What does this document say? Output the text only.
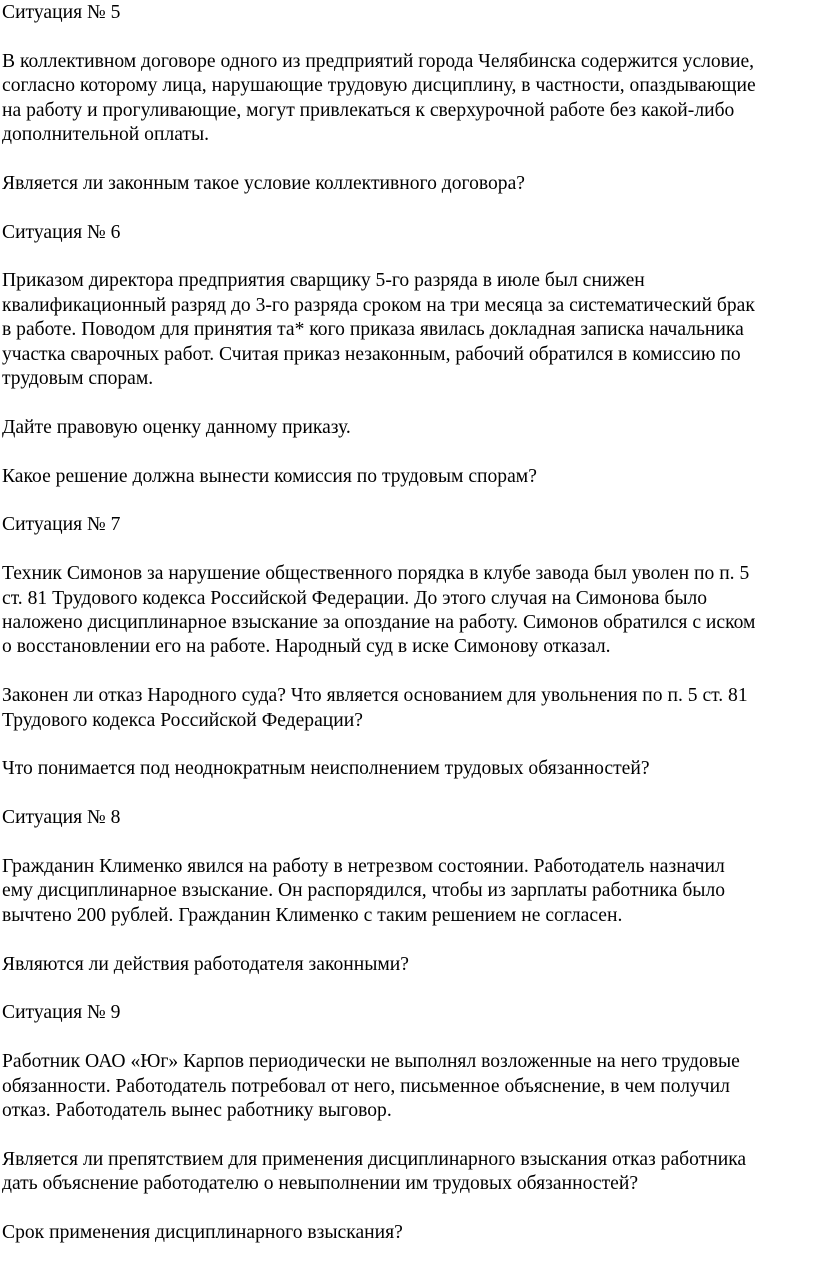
Ситуация № 5

В коллективном договоре одного из предприятий города Челябинска содержится условие,
согласно которому лица, нарушающие трудовую дисциплину, в частности, опаздывающие
на работу и прогуливающие, могут привлекаться к сверхурочной работе без какой-либо
дополнительной оплаты.

Является ли законным такое условие коллективного договора?

Ситуация № 6

Приказом директора предприятия сварщику 5-го разряда в июле был снижен
квалификационный разряд до 3-го разряда сроком на три месяца за систематический брак
в работе. Поводом для принятия та* кого приказа явилась докладная записка начальника
участка сварочных работ. Считая приказ незаконным, рабочий обратился в комиссию по
трудовым спорам.

Дайте правовую оценку данному приказу.

Какое решение должна вынести комиссия по трудовым спорам?

Ситуация № 7

Техник Симонов за нарушение общественного порядка в клубе завода был уволен по п. 5
ст. 81 Трудового кодекса Российской Федерации. До этого случая на Симонова было
наложено дисциплинарное взыскание за опоздание на работу. Симонов обратился с иском
о восстановлении его на работе. Народный суд в иске Симонову отказал.

Законен ли отказ Народного суда? Что является основанием для увольнения по п. 5 ст. 81
Трудового кодекса Российской Федерации?

Что понимается под неоднократным неисполнением трудовых обязанностей?

Ситуация № 8

Гражданин Клименко явился на работу в нетрезвом состоянии. Работодатель назначил
ему дисциплинарное взыскание. Он распорядился, чтобы из зарплаты работника было
вычтено 200 рублей. Гражданин Клименко с таким решением не согласен.

Являются ли действия работодателя законными?

Ситуация № 9

Работник ОАО «Юг» Карпов периодически не выполнял возложенные на него трудовые
обязанности. Работодатель потребовал от него, письменное объяснение, в чем получил
отказ. Работодатель вынес работнику выговор.

Является ли препятствием для применения дисциплинарного взыскания отказ работника
дать объяснение работодателю о невыполнении им трудовых обязанностей?

Срок применения дисциплинарного взыскания?
